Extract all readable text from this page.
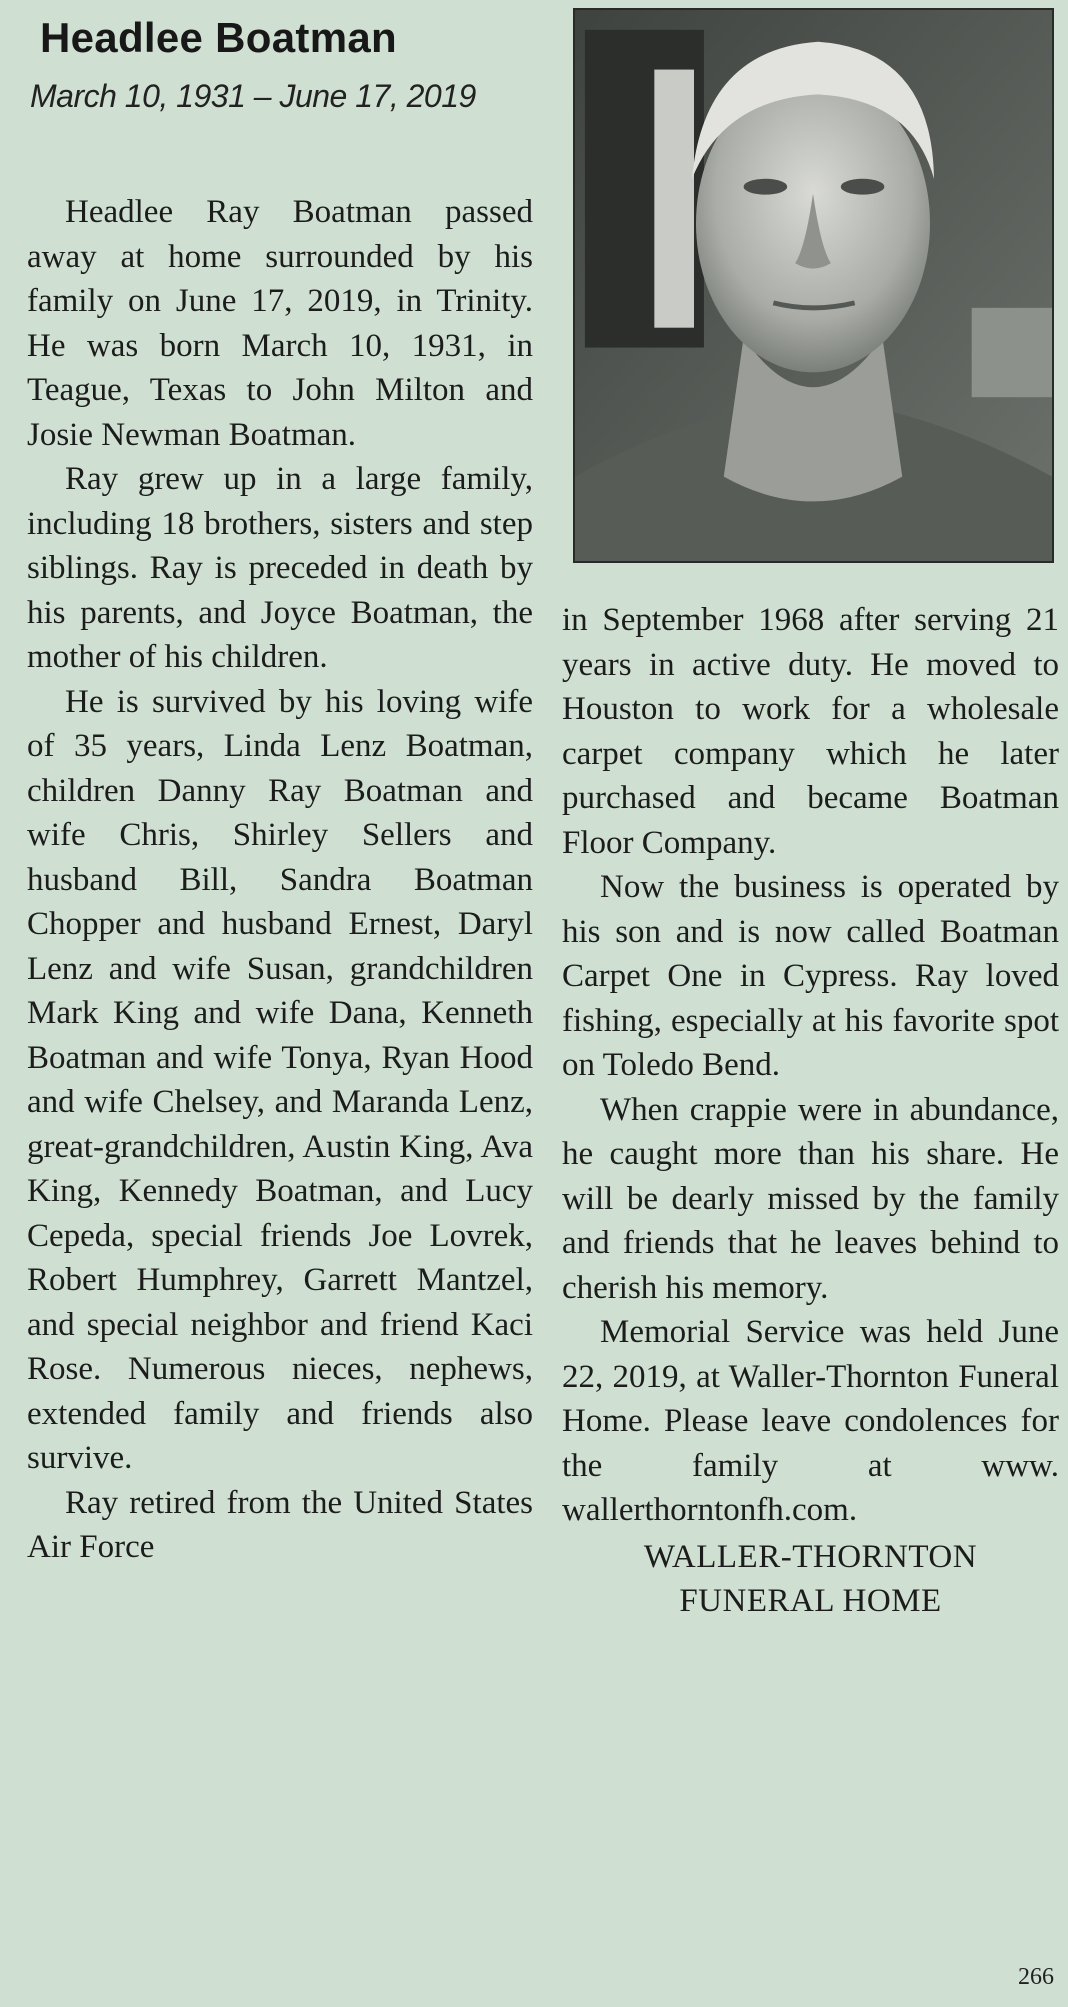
Headlee Boatman
March 10, 1931 – June 17, 2019

Headlee Ray Boatman passed away at home surrounded by his family on June 17, 2019, in Trinity. He was born March 10, 1931, in Teague, Texas to John Milton and Josie Newman Boatman.

Ray grew up in a large family, including 18 brothers, sisters and step siblings. Ray is preceded in death by his parents, and Joyce Boatman, the mother of his children.

He is survived by his loving wife of 35 years, Linda Lenz Boatman, children Danny Ray Boatman and wife Chris, Shirley Sellers and husband Bill, Sandra Boatman Chopper and husband Ernest, Daryl Lenz and wife Susan, grandchildren Mark King and wife Dana, Kenneth Boatman and wife Tonya, Ryan Hood and wife Chelsey, and Maranda Lenz, great-grandchildren, Austin King, Ava King, Kennedy Boatman, and Lucy Cepeda, special friends Joe Lovrek, Robert Humphrey, Garrett Mantzel, and special neighbor and friend Kaci Rose. Numerous nieces, nephews, extended family and friends also survive.

Ray retired from the United States Air Force

in September 1968 after serving 21 years in active duty. He moved to Houston to work for a wholesale carpet company which he later purchased and became Boatman Floor Company.

Now the business is operated by his son and is now called Boatman Carpet One in Cypress. Ray loved fishing, especially at his favorite spot on Toledo Bend.

When crappie were in abundance, he caught more than his share. He will be dearly missed by the family and friends that he leaves behind to cherish his memory.

Memorial Service was held June 22, 2019, at Waller-Thornton Funeral Home. Please leave condolences for the family at www. wallerthorntonfh.com.

WALLER-THORNTON
FUNERAL HOME
266
